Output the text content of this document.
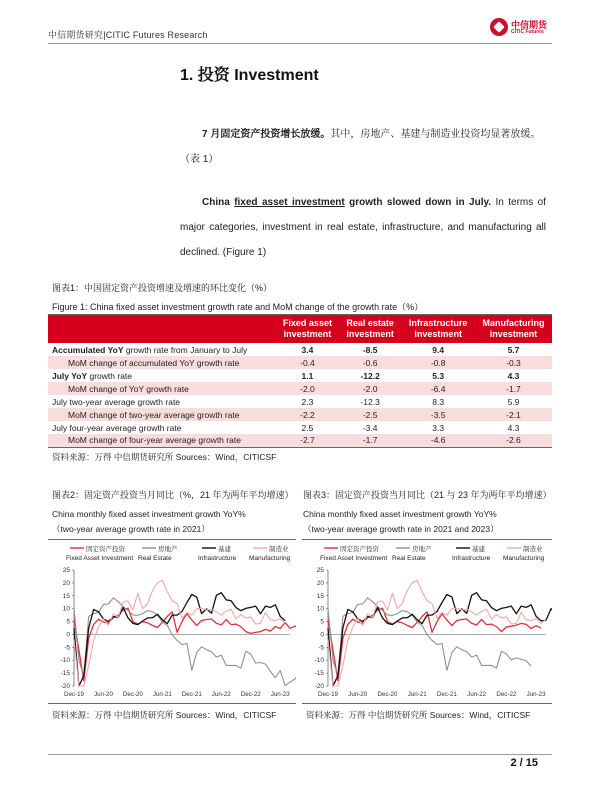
中信期货研究|CITIC Futures Research
中信期货
CITIC Futures
1. 投资 Investment
7 月固定资产投资增长放缓。其中，房地产、基建与制造业投资均显著放缓。（表 1）
China fixed asset investment growth slowed down in July. In terms of major categories, investment in real estate, infrastructure, and manufacturing all declined. (Figure 1)
图表1：中国固定资产投资增速及增速的环比变化（%）
Figure 1: China fixed asset investment growth rate and MoM change of the growth rate（%）
	Fixed asset investment	Real estate investment	Infrastructure investment	Manufacturing investment
Accumulated YoY growth rate from January to July	3.4	-8.5	9.4	5.7
MoM change of accumulated YoY growth rate	-0.4	-0.6	-0.8	-0.3
July YoY growth rate	1.1	-12.2	5.3	4.3
MoM change of YoY growth rate	-2.0	-2.0	-6.4	-1.7
July two-year average growth rate	2.3	-12.3	8.3	5.9
MoM change of two-year average growth rate	-2.2	-2.5	-3.5	-2.1
July four-year average growth rate	2.5	-3.4	3.3	4.3
MoM change of four-year average growth rate	-2.7	-1.7	-4.6	-2.6
资料来源：万得 中信期货研究所 Sources：Wind，CITICSF
图表2：固定资产投资当月同比（%，21 年为两年平均增速）
China monthly fixed asset investment growth YoY%
（two-year average growth rate in 2021）
图表3：固定资产投资当月同比（21 与 23 年为两年平均增速）
China monthly fixed asset investment growth YoY%
（two-year average growth rate in 2021 and 2023）
固定资产投资
Fixed Asset Investment
房地产
Real Estate
基建
Infrastructure
制造业
Manufacturing
25
20
15
10
5
0
-5
-10
-15
-20
Dec-19 Jun-20 Dec-20 Jun-21 Dec-21 Jun-22 Dec-22 Jun-23
固定资产投资
Fixed Asset Investment
房地产
Real Estate
基建
Infrastructure
制造业
Manufacturing
25
20
15
10
5
0
-5
-10
-15
-20
Dec-19 Jun-20 Dec-20 Jun-21 Dec-21 Jun-22 Dec-22 Jun-23
资料来源：万得 中信期货研究所 Sources：Wind，CITICSF	资料来源：万得 中信期货研究所 Sources：Wind，CITICSF
2 / 15
